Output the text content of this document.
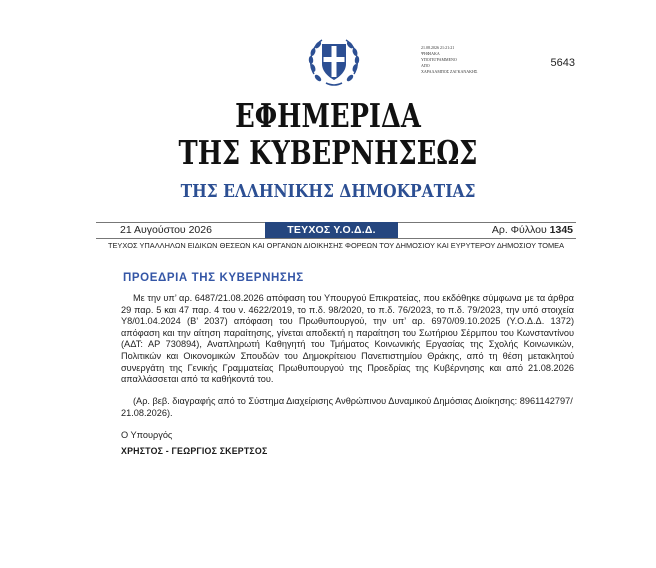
21.08.2026 21:21:21
ΨΗΦΙΑΚΑ
ΥΠΟΓΕΓΡΑΜΜΕΝΟ
ΑΠΟ
ΧΑΡΑΛΑΜΠΟΣ ΖΑΓΚΑΝΑΚΗΣ
5643
ΕΦΗΜΕΡΙΔΑ
ΤΗΣ ΚΥΒΕΡΝΗΣΕΩΣ
ΤΗΣ ΕΛΛΗΝΙΚΗΣ ΔΗΜΟΚΡΑΤΙΑΣ
21 Αυγούστου 2026	ΤΕΥΧΟΣ Υ.Ο.Δ.Δ.	Αρ. Φύλλου 1345
ΤΕΥΧΟΣ ΥΠΑΛΛΗΛΩΝ ΕΙΔΙΚΩΝ ΘΕΣΕΩΝ ΚΑΙ ΟΡΓΑΝΩΝ ΔΙΟΙΚΗΣΗΣ ΦΟΡΕΩΝ ΤΟΥ ΔΗΜΟΣΙΟΥ ΚΑΙ ΕΥΡΥΤΕΡΟΥ ΔΗΜΟΣΙΟΥ ΤΟΜΕΑ
ΠΡΟΕΔΡΙΑ ΤΗΣ ΚΥΒΕΡΝΗΣΗΣ

Με την υπ’ αρ. 6487/21.08.2026 απόφαση του Υπουργού Επικρατείας, που εκδόθηκε σύμφωνα με τα άρθρα 29 παρ. 5 και 47 παρ. 4 του ν. 4622/2019, το π.δ. 98/2020, το π.δ. 76/2023, το π.δ. 79/2023, την υπό στοιχεία Υ8/01.04.2024 (Β’ 2037) απόφαση του Πρωθυπουργού, την υπ’ αρ. 6970/09.10.2025 (Υ.Ο.Δ.Δ. 1372) απόφαση και την αίτηση παραίτησης, γίνεται αποδεκτή η παραίτηση του Σωτήριου Σέρμπου του Κωνσταντίνου (ΑΔΤ: ΑΡ 730894), Αναπληρωτή Καθηγητή του Τμήματος Κοινωνικής Εργασίας της Σχολής Κοινωνικών, Πολιτικών και Οικονομικών Σπουδών του Δημοκρίτειου Πανεπιστημίου Θράκης, από τη θέση μετακλητού συνεργάτη της Γενικής Γραμματείας Πρωθυπουργού της Προεδρίας της Κυβέρνησης και από 21.08.2026 απαλλάσσεται από τα καθήκοντά του.

(Αρ. βεβ. διαγραφής από το Σύστημα Διαχείρισης Ανθρώπινου Δυναμικού Δημόσιας Διοίκησης: 8961142797/ 21.08.2026).

Ο Υπουργός
ΧΡΗΣΤΟΣ - ΓΕΩΡΓΙΟΣ ΣΚΕΡΤΣΟΣ
